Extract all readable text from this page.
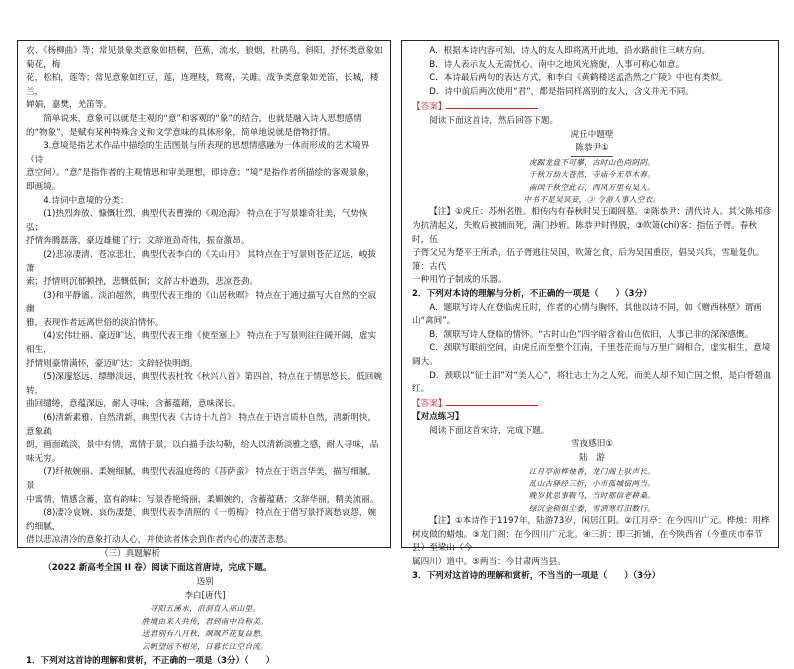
农、《杨柳曲》等；常见景象类意象如梧桐，芭蕉，流水，狼烟，杜鹃鸟，斜阳，抒怀类意象如菊花，梅

花，松柏，莲等；常见意象如红豆，莲，连理枝，鸳鸯，关雎。战争类意象如羌笛，长城，楼兰，

婵娟，嘉樊，羌笛等。

简单说来，意象可以就是主观的“意”和客观的“象”的结合，也就是融入诗人思想感情

的“物象”，是赋有某种特殊含义和文学意味的具体形象，简单地说就是借物抒情。

3.意境是指艺术作品中描绘的生活图景与所表现的思想情感融为一体而形成的艺术境界（诗

意空间）。“意”是指作者的主观情思和审美理想，即诗意；“境”是指作者所描绘的客观景象，

即画境。

4.诗词中意境的分类：

(1)热烈奔放、慷慨壮烈，典型代表曹操的《观沧海》 特点在于写景雄奇壮美，气势恢弘；

抒情奔腾磊落，豪迈雄健了行；文辞道劲奇伟，振奋激昂。

(2)悲凉凄清、苍凉悲壮，典型代表李白的《关山月》 其特点在于写景则苍茫辽远，峻拔萧

索；抒情则沉郁顿挫，悲慨低徊；文辞古朴遒劲，悲凉苍劲。

(3)和平静谧、淡泊超然，典型代表王维的《山居秋暝》 特点在于通过描写大自然的空寂幽

雅，表现作者远离世俗的淡泊情怀。

(4)宏伟壮丽、豪迈旷达，典型代表王维《使至塞上》 特点在于写景则往往阔开阔，虚实相生，

抒情则豪情满怀，豪迈旷达；文辞轻快明朗。

(5)深邃悠远、缥缈淡远，典型代表杜牧《秋兴八首》第四首，特点在于情思悠长，低回婉转，

曲回缱绻，意蕴深远，耐人寻味，含蓄蕴藉，意味深长。

(6)清新素雅、自然清新，典型代表《古诗十九首》 特点在于语言质朴自然，清新明快，意象疏

朗，画面疏淡，景中有情，寓情于景，以白描手法勾勒，给人以清新淡雅之感，耐人寻味，品味无穷。

(7)纤秾婉丽、柔婉细腻，典型代表温庭筠的《菩萨蛮》 特点在于语言华美，描写细腻，景

中寓情，情感含蓄，富有韵味；写景香艳绮丽，柔媚婉约，含蓄蕴藉；文辞华丽，精美流丽。

(8)凄冷哀婉、哀伤凄楚，典型代表李清照的《一剪梅》 特点在于借写景抒离愁哀怨，婉约细腻，

借以悲凉清冷的意象打动人心，并使读者体会到作者内心的凄苦悲愁。

（三）真题解析

（2022 新高考全国 II 卷）阅读下面这首唐诗，完成下题。

送别

李白[唐代]

寻阳五溪水，沿洄直入巫山里。

胜境由来人共传，君到南中自称美。

送君别有八月秋，飒飒芦花复益愁。

云帆望远不相见，日暮长江空自流。

1．下列对这首诗的理解和赏析，不正确的一项是（3分）（　　）

A．根据本诗内容可知，诗人的友人即将离开此地，沿水路前往三峡方向。

B．诗人表示友人无需忧心，南中之地风光旖旎，人事可称心如意。

C．本诗最后两句的表达方式，和李白《黄鹤楼送孟浩然之广陵》中也有类似。

D．诗中前后两次使用“君”，都是指同样离别的友人，含义并无不同。

【答案】

阅读下面这首诗，然后回答下题。

虎丘中题壁

陈恭尹①

虎踞龙盘不可攀，古时山色尚阴阴。

千秋万劫大苍然，寺庙今无草木春。

南国千秋空此石，西风万里有吴人。

中书不是吴冥妾，③ 令游人事入空衣。

【注】①虎丘：苏州名胜。相传内有春秋时吴王阖闾墓。②陈恭尹：清代诗人。其父陈邦彦

为抗清起义，失败后被捕而死，满门抄斩。陈恭尹时得脱，③吹箫(chí)客：指伍子胥。春秋时，伍

子胥父兄为楚平王所杀，伍子胥逃往吴国，吹箫乞食，后为吴国重臣，倡吴兴兵，雪耻复仇。箫：古代

一种用竹子制成的乐器。

2．下列对本诗的理解与分析，不正确的一项是（　　）（3分）

A．题联写诗人在登临虎丘时，作者的心情与胸怀，其他以诗不同，如《赠西林壁》谓画山“禽间”。

B．颔联写诗人登临的情怀。“古时山色”四字暗含着山色依旧，人事已非的深深感慨。

C．颈联写眼前空间，由虎丘而至整个江南，千里苍茫而与万里广阔相合，虚实相生，意境阔大。

D．颈联以“征士泪”对“美人心”，将壮志士为之人死，而美人却不知亡国之恨，是白骨碧血

红。

【答案】

【对点练习】

阅读下面这首宋诗，完成下题。

雪夜感旧①

陆　游

江月亭前桦烛香，龙门阁上驮声长。

乱山古驿经三折，小市孤城宿两当。

晚岁犹思事鞍马，当时那信老耕桑。

绿沉金锁俱尘委，雪洒寒灯泪数行。

【注】①本诗作于1197年，陆游73岁，闲居江阴。②江月亭：在今四川广元。桦烛：用桦

树皮做的蜡烛。③龙门阁：在今四川广元北。④三折：即三折铺，在今陕西省（今重庆市奉节县）至梁山（今

属四川）道中。⑤两当：今甘肃两当县。

3．下列对这首诗的理解和赏析，不当当的一项是（　　）（3分）
